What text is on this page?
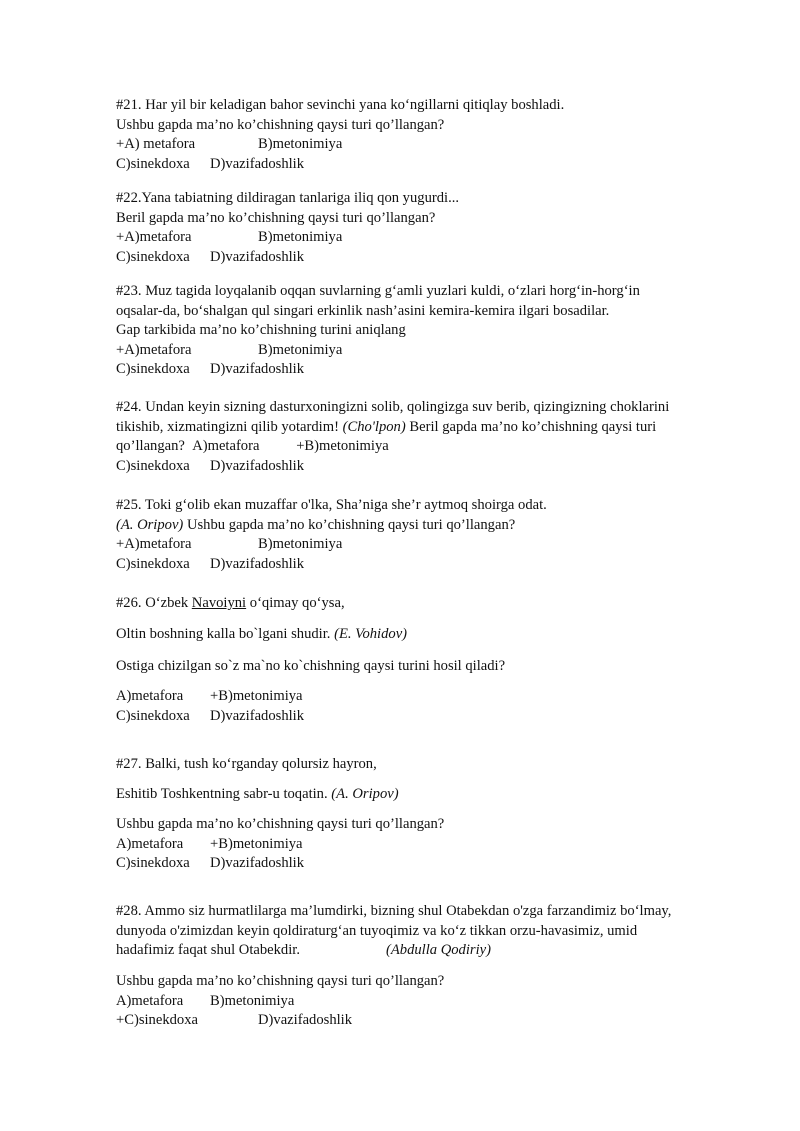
#21. Har yil bir keladigan bahor sevinchi yana ko‘ngillarni qitiqlay boshladi.
Ushbu gapda ma’no ko’chishning qaysi turi qo’llangan?
+A) metafora	B)metonimiya
C)sinekdoxa D)vazifadoshlik
#22.Yana tabiatning dildiragan tanlariga iliq qon yugurdi...
Beril gapda ma’no ko’chishning qaysi turi qo’llangan?
+A)metafora	B)metonimiya
C)sinekdoxa D)vazifadoshlik
#23. Muz tagida loyqalanib oqqan suvlarning g‘amli yuzlari kuldi, o‘zlari horg‘in-horg‘in
oqsalar-da, bo‘shalgan qul singari erkinlik nash’asini kemira-kemira ilgari bosadilar.
Gap tarkibida ma’no ko’chishning turini aniqlang
+A)metafora	B)metonimiya
C)sinekdoxa D)vazifadoshlik
#24. Undan keyin sizning dasturxoningizni solib, qolingizga suv berib, qizingizning choklarini
tikishib, xizmatingizni qilib yotardim! (Cho'lpon) Beril gapda ma’no ko’chishning qaysi turi
qo’llangan? A)metafora	+B)metonimiya
C)sinekdoxa D)vazifadoshlik
#25. Toki g‘olib ekan muzaffar o'lka, Sha’niga she’r aytmoq shoirga odat.
(A. Oripov) Ushbu gapda ma’no ko’chishning qaysi turi qo’llangan?
+A)metafora	B)metonimiya
C)sinekdoxa D)vazifadoshlik
#26. O‘zbek Navoiyni o‘qimay qo‘ysa,
Oltin boshning kalla bo`lgani shudir. (E. Vohidov)
Ostiga chizilgan so`z ma`no ko`chishning qaysi turini hosil qiladi?
A)metafora +B)metonimiya
C)sinekdoxa D)vazifadoshlik
#27. Balki, tush ko‘rganday qolursiz hayron,
Eshitib Toshkentning sabr-u toqatin. (A. Oripov)
Ushbu gapda ma’no ko’chishning qaysi turi qo’llangan?
A)metafora +B)metonimiya
C)sinekdoxa D)vazifadoshlik
#28. Ammo siz hurmatlilarga ma’lumdirki, bizning shul Otabekdan o'zga farzandimiz bo‘lmay,
dunyoda o'zimizdan keyin qoldiraturg‘an tuyoqimiz va ko‘z tikkan orzu-havasimiz, umid
hadafimiz faqat shul Otabekdir.	(Abdulla Qodiriy)
Ushbu gapda ma’no ko’chishning qaysi turi qo’llangan?
A)metafora B)metonimiya
+C)sinekdoxa	D)vazifadoshlik
